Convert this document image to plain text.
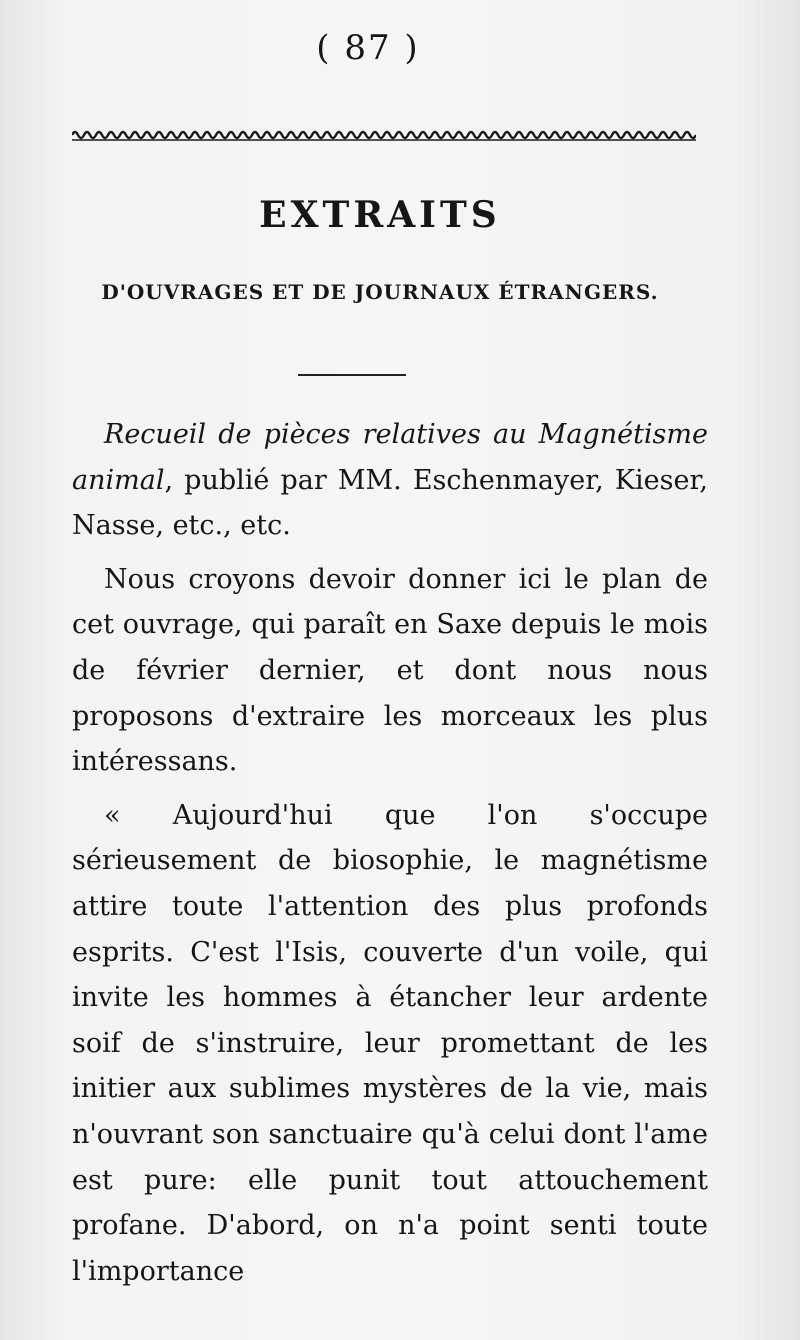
( 87 )
EXTRAITS
D'OUVRAGES ET DE JOURNAUX ÉTRANGERS.

Recueil de pièces relatives au Magnétisme animal, publié par MM. Eschenmayer, Kieser, Nasse, etc., etc.

Nous croyons devoir donner ici le plan de cet ouvrage, qui paraît en Saxe depuis le mois de février dernier, et dont nous nous proposons d'extraire les morceaux les plus intéressans.

« Aujourd'hui que l'on s'occupe sérieusement de biosophie, le magnétisme attire toute l'attention des plus profonds esprits. C'est l'Isis, couverte d'un voile, qui invite les hommes à étancher leur ardente soif de s'instruire, leur promettant de les initier aux sublimes mystères de la vie, mais n'ouvrant son sanctuaire qu'à celui dont l'ame est pure: elle punit tout attouchement profane. D'abord, on n'a point senti toute l'importance
